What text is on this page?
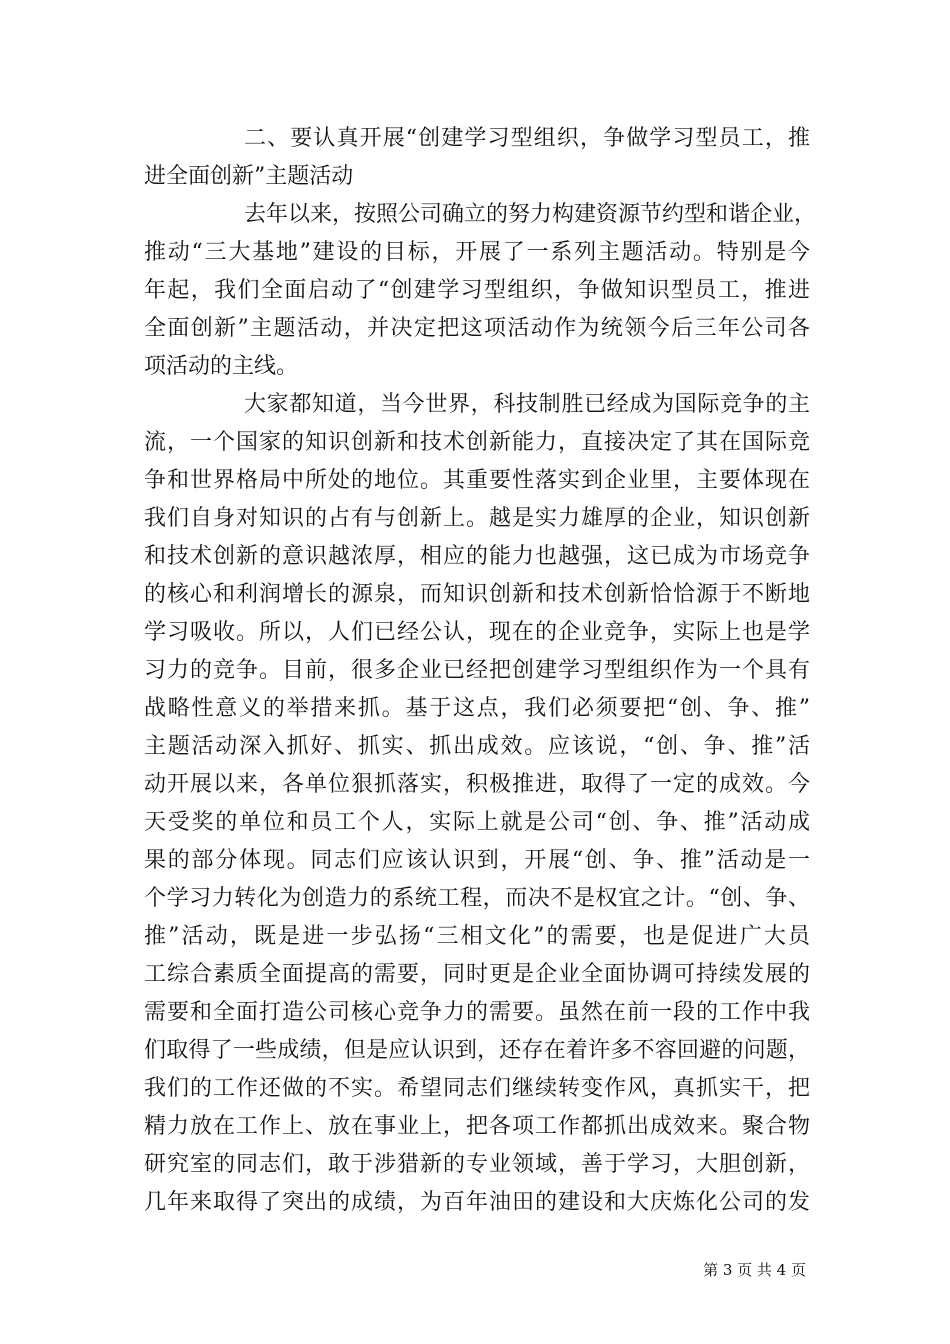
二、要认真开展“创建学习型组织，争做学习型员工，推
进全面创新”主题活动
去年以来，按照公司确立的努力构建资源节约型和谐企业，
推动“三大基地”建设的目标，开展了一系列主题活动。特别是今
年起，我们全面启动了“创建学习型组织，争做知识型员工，推进
全面创新”主题活动，并决定把这项活动作为统领今后三年公司各
项活动的主线。
大家都知道，当今世界，科技制胜已经成为国际竞争的主
流，一个国家的知识创新和技术创新能力，直接决定了其在国际竞
争和世界格局中所处的地位。其重要性落实到企业里，主要体现在
我们自身对知识的占有与创新上。越是实力雄厚的企业，知识创新
和技术创新的意识越浓厚，相应的能力也越强，这已成为市场竞争
的核心和利润增长的源泉，而知识创新和技术创新恰恰源于不断地
学习吸收。所以，人们已经公认，现在的企业竞争，实际上也是学
习力的竞争。目前，很多企业已经把创建学习型组织作为一个具有
战略性意义的举措来抓。基于这点，我们必须要把“创、争、推”
主题活动深入抓好、抓实、抓出成效。应该说，“创、争、推”活
动开展以来，各单位狠抓落实，积极推进，取得了一定的成效。今
天受奖的单位和员工个人，实际上就是公司“创、争、推”活动成
果的部分体现。同志们应该认识到，开展“创、争、推”活动是一
个学习力转化为创造力的系统工程，而决不是权宜之计。“创、争、
推”活动，既是进一步弘扬“三相文化”的需要，也是促进广大员
工综合素质全面提高的需要，同时更是企业全面协调可持续发展的
需要和全面打造公司核心竞争力的需要。虽然在前一段的工作中我
们取得了一些成绩，但是应认识到，还存在着许多不容回避的问题，
我们的工作还做的不实。希望同志们继续转变作风，真抓实干，把
精力放在工作上、放在事业上，把各项工作都抓出成效来。聚合物
研究室的同志们，敢于涉猎新的专业领域，善于学习，大胆创新，
几年来取得了突出的成绩，为百年油田的建设和大庆炼化公司的发
第 3 页 共 4 页
